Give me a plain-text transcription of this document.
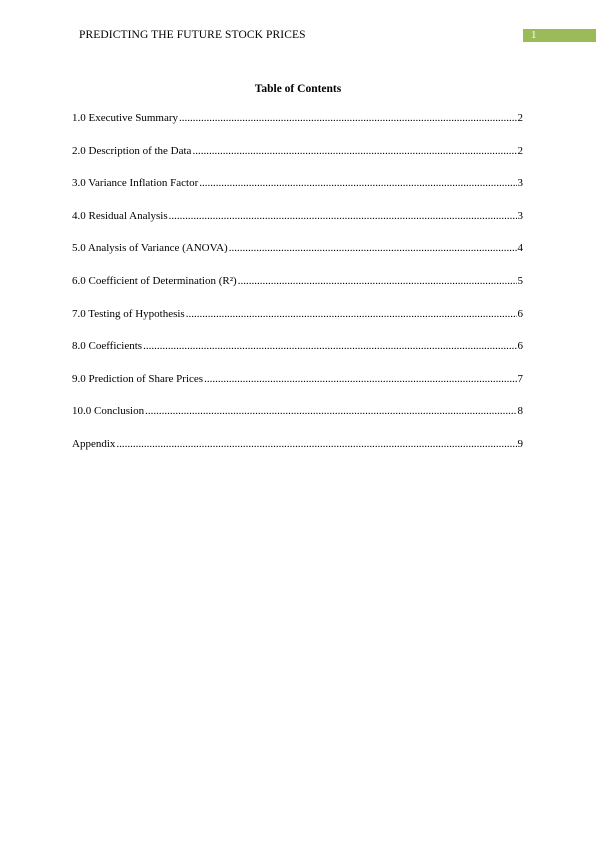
PREDICTING THE FUTURE STOCK PRICES	1
Table of Contents
1.0 Executive Summary .....	2
2.0 Description of the Data .....	2
3.0 Variance Inflation Factor .....	3
4.0 Residual Analysis .....	3
5.0 Analysis of Variance (ANOVA) .....	4
6.0 Coefficient of Determination (R²) .....	5
7.0 Testing of Hypothesis .....	6
8.0 Coefficients .....	6
9.0 Prediction of Share Prices .....	7
10.0 Conclusion .....	8
Appendix .....	9
